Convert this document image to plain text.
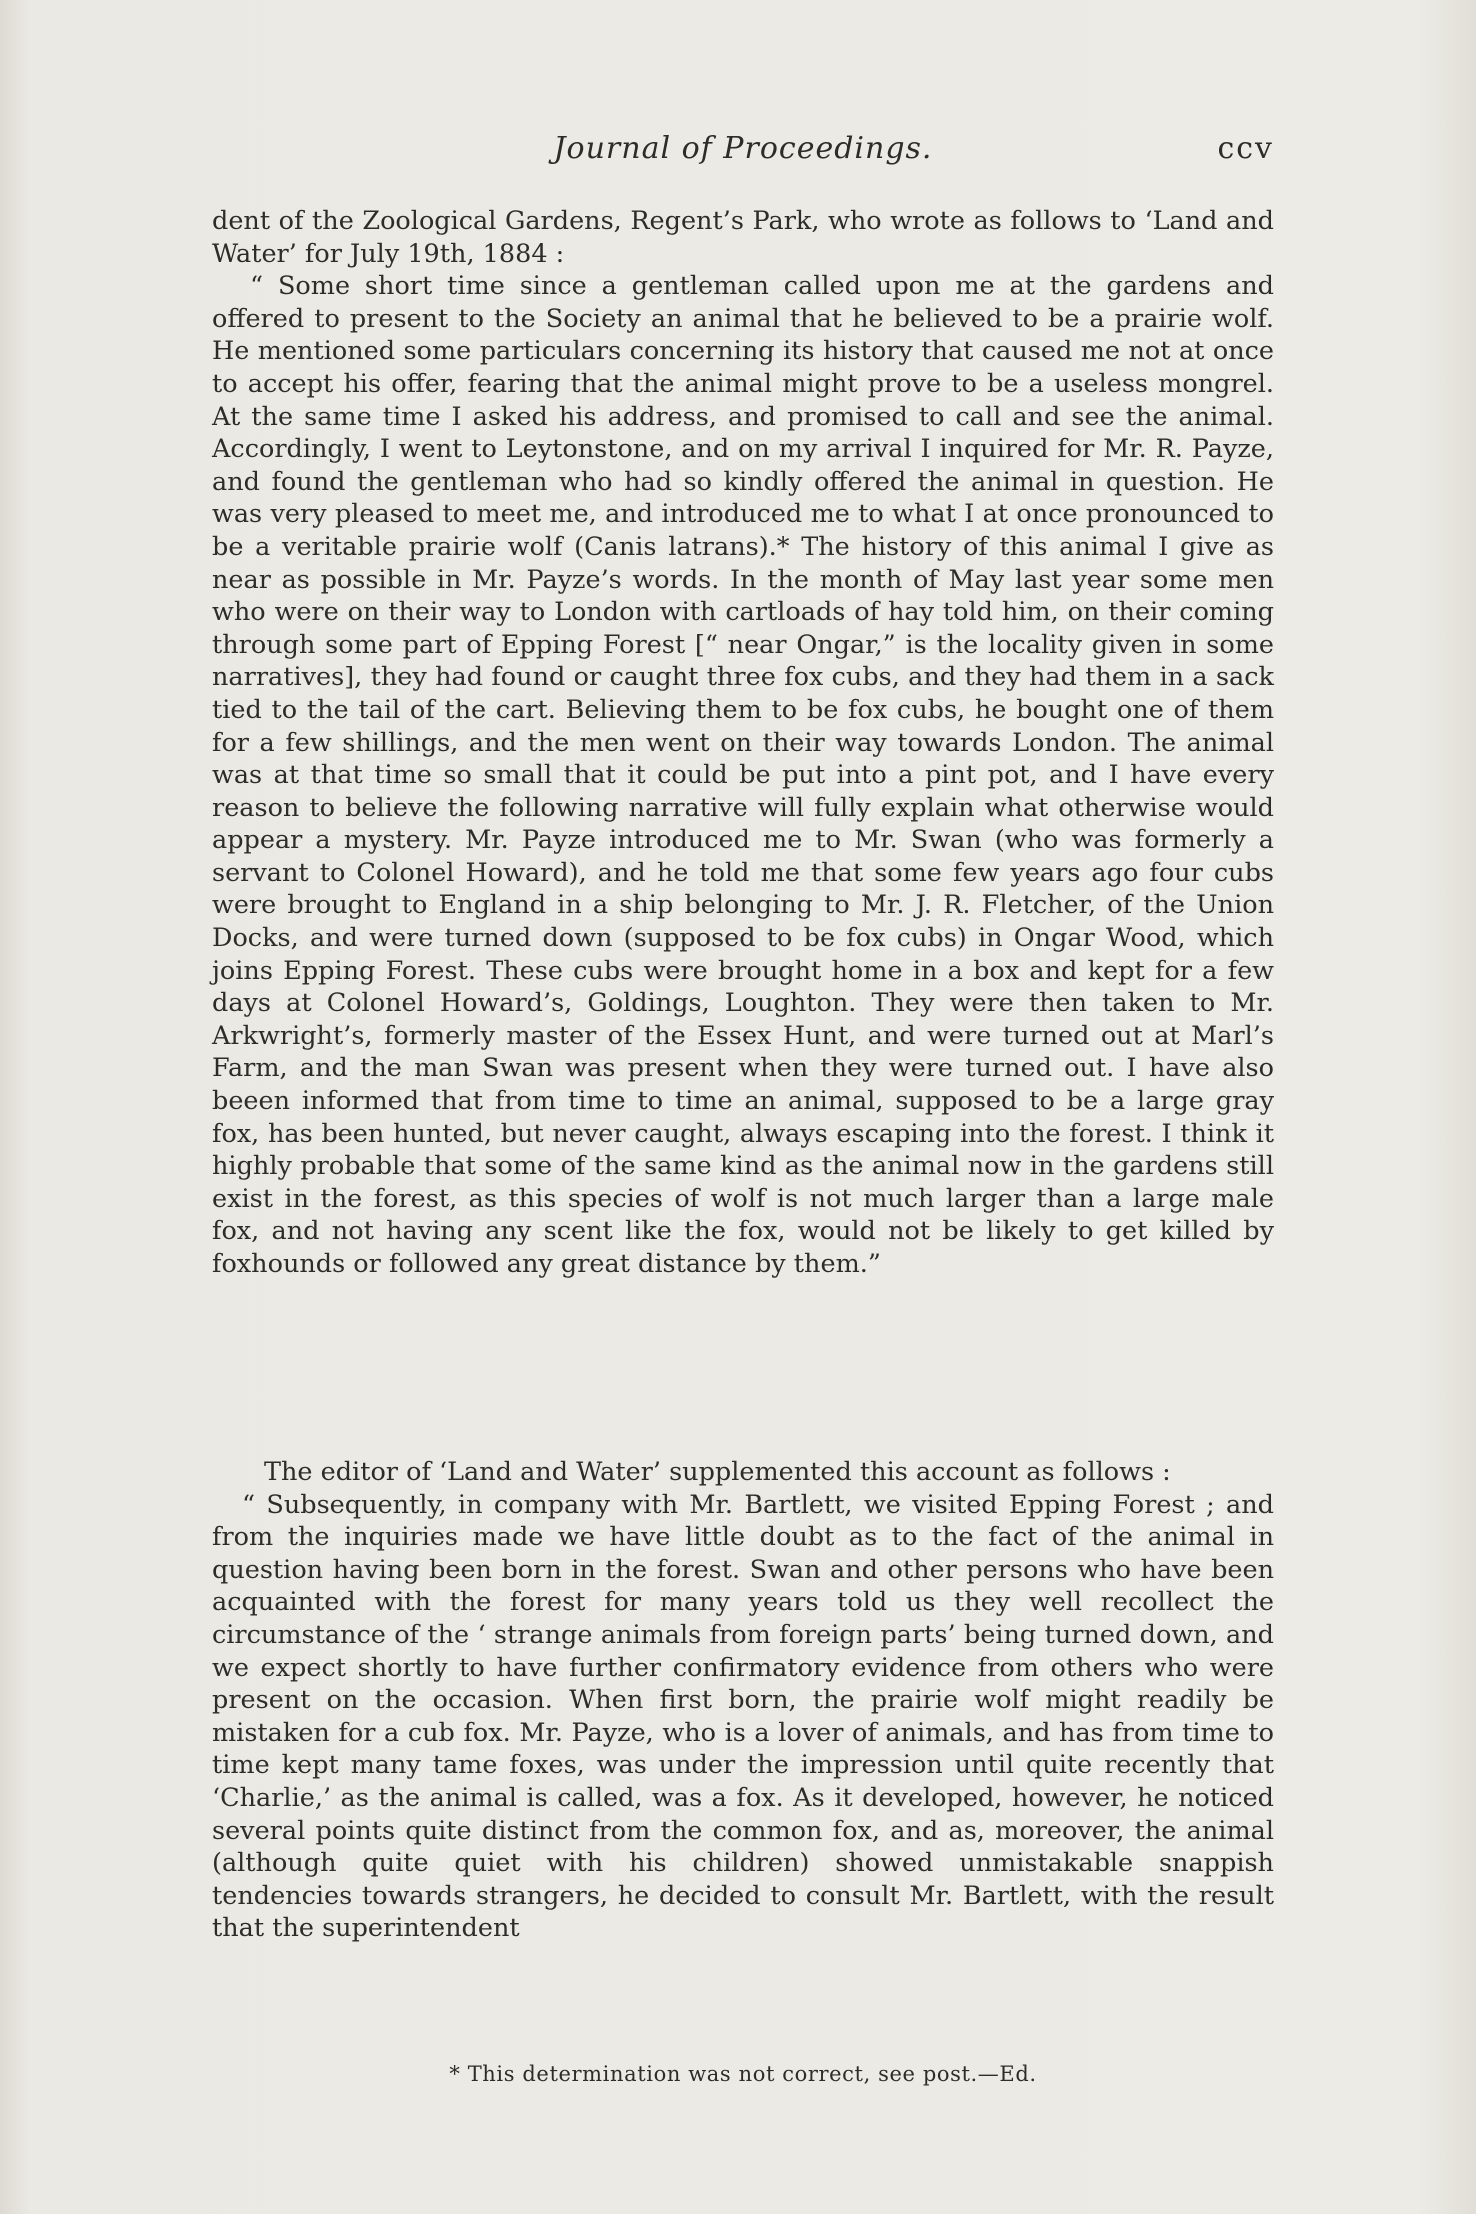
Journal of Proceedings.	ccv

dent of the Zoological Gardens, Regent’s Park, who wrote as follows to ‘Land and Water’ for July 19th, 1884 :

“ Some short time since a gentleman called upon me at the gardens and offered to present to the Society an animal that he believed to be a prairie wolf. He mentioned some particulars concerning its history that caused me not at once to accept his offer, fearing that the animal might prove to be a useless mongrel. At the same time I asked his address, and promised to call and see the animal. Accordingly, I went to Leytonstone, and on my arrival I inquired for Mr. R. Payze, and found the gentleman who had so kindly offered the animal in question. He was very pleased to meet me, and introduced me to what I at once pronounced to be a veritable prairie wolf (Canis latrans).* The history of this animal I give as near as possible in Mr. Payze’s words. In the month of May last year some men who were on their way to London with cartloads of hay told him, on their coming through some part of Epping Forest [“ near Ongar,” is the locality given in some narratives], they had found or caught three fox cubs, and they had them in a sack tied to the tail of the cart. Believing them to be fox cubs, he bought one of them for a few shillings, and the men went on their way towards London. The animal was at that time so small that it could be put into a pint pot, and I have every reason to believe the following narrative will fully explain what otherwise would appear a mystery. Mr. Payze introduced me to Mr. Swan (who was formerly a servant to Colonel Howard), and he told me that some few years ago four cubs were brought to England in a ship belonging to Mr. J. R. Fletcher, of the Union Docks, and were turned down (supposed to be fox cubs) in Ongar Wood, which joins Epping Forest. These cubs were brought home in a box and kept for a few days at Colonel Howard’s, Goldings, Loughton. They were then taken to Mr. Arkwright’s, formerly master of the Essex Hunt, and were turned out at Marl’s Farm, and the man Swan was present when they were turned out. I have also beeen informed that from time to time an animal, supposed to be a large gray fox, has been hunted, but never caught, always escaping into the forest. I think it highly probable that some of the same kind as the animal now in the gardens still exist in the forest, as this species of wolf is not much larger than a large male fox, and not having any scent like the fox, would not be likely to get killed by foxhounds or followed any great distance by them.”

The editor of ‘Land and Water’ supplemented this account as follows :

“ Subsequently, in company with Mr. Bartlett, we visited Epping Forest ; and from the inquiries made we have little doubt as to the fact of the animal in question having been born in the forest. Swan and other persons who have been acquainted with the forest for many years told us they well recollect the circumstance of the ‘ strange animals from foreign parts’ being turned down, and we expect shortly to have further confirmatory evidence from others who were present on the occasion. When first born, the prairie wolf might readily be mistaken for a cub fox. Mr. Payze, who is a lover of animals, and has from time to time kept many tame foxes, was under the impression until quite recently that ‘Charlie,’ as the animal is called, was a fox. As it developed, however, he noticed several points quite distinct from the common fox, and as, moreover, the animal (although quite quiet with his children) showed unmistakable snappish tendencies towards strangers, he decided to consult Mr. Bartlett, with the result that the superintendent

* This determination was not correct, see post.—Ed.
